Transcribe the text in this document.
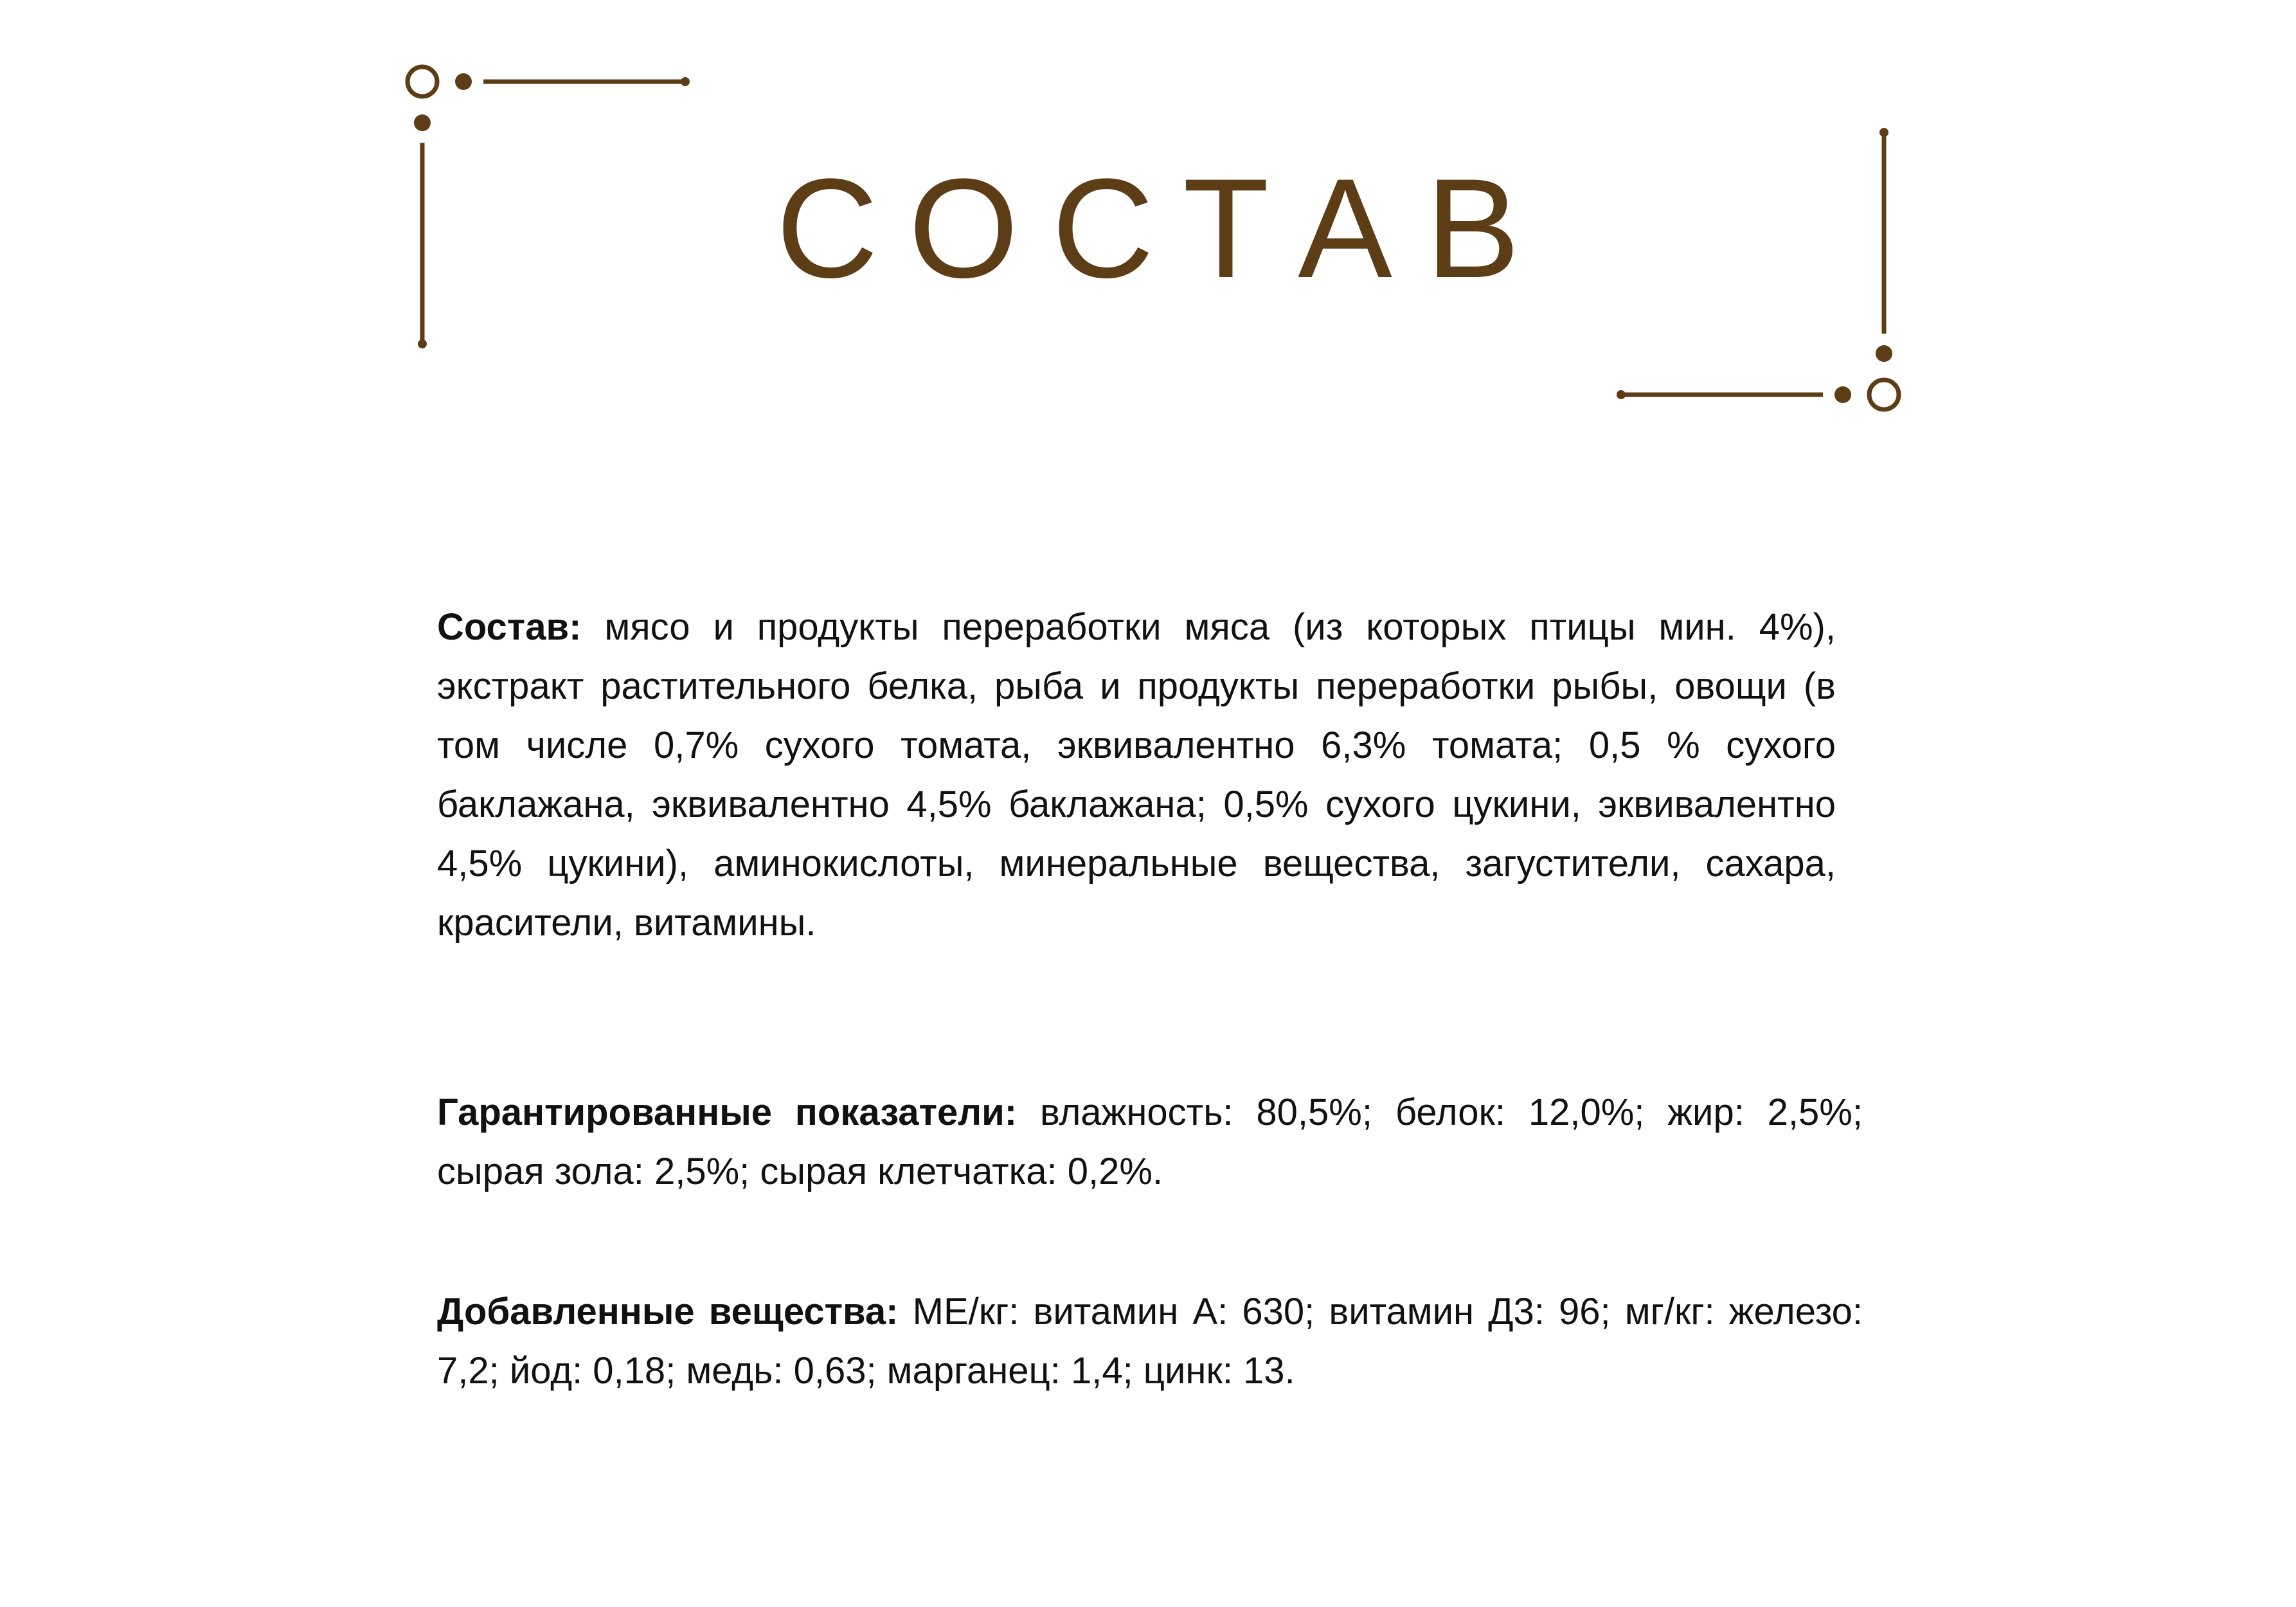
СОСТАВ

Состав: мясо и продукты переработки мяса (из которых птицы мин. 4%), экстракт растительного белка, рыба и продукты переработки рыбы, овощи (в том числе 0,7% сухого томата, эквивалентно 6,3% томата; 0,5 % сухого баклажана, эквивалентно 4,5% баклажана; 0,5% сухого цукини, эквивалентно 4,5% цукини), аминокислоты, минеральные вещества, загустители, сахара, красители, витамины.

Гарантированные показатели: влажность: 80,5%; белок: 12,0%; жир: 2,5%; сырая зола: 2,5%; сырая клетчатка: 0,2%.

Добавленные вещества: МЕ/кг: витамин А: 630; витамин Д3: 96; мг/кг: железо: 7,2; йод: 0,18; медь: 0,63; марганец: 1,4; цинк: 13.
